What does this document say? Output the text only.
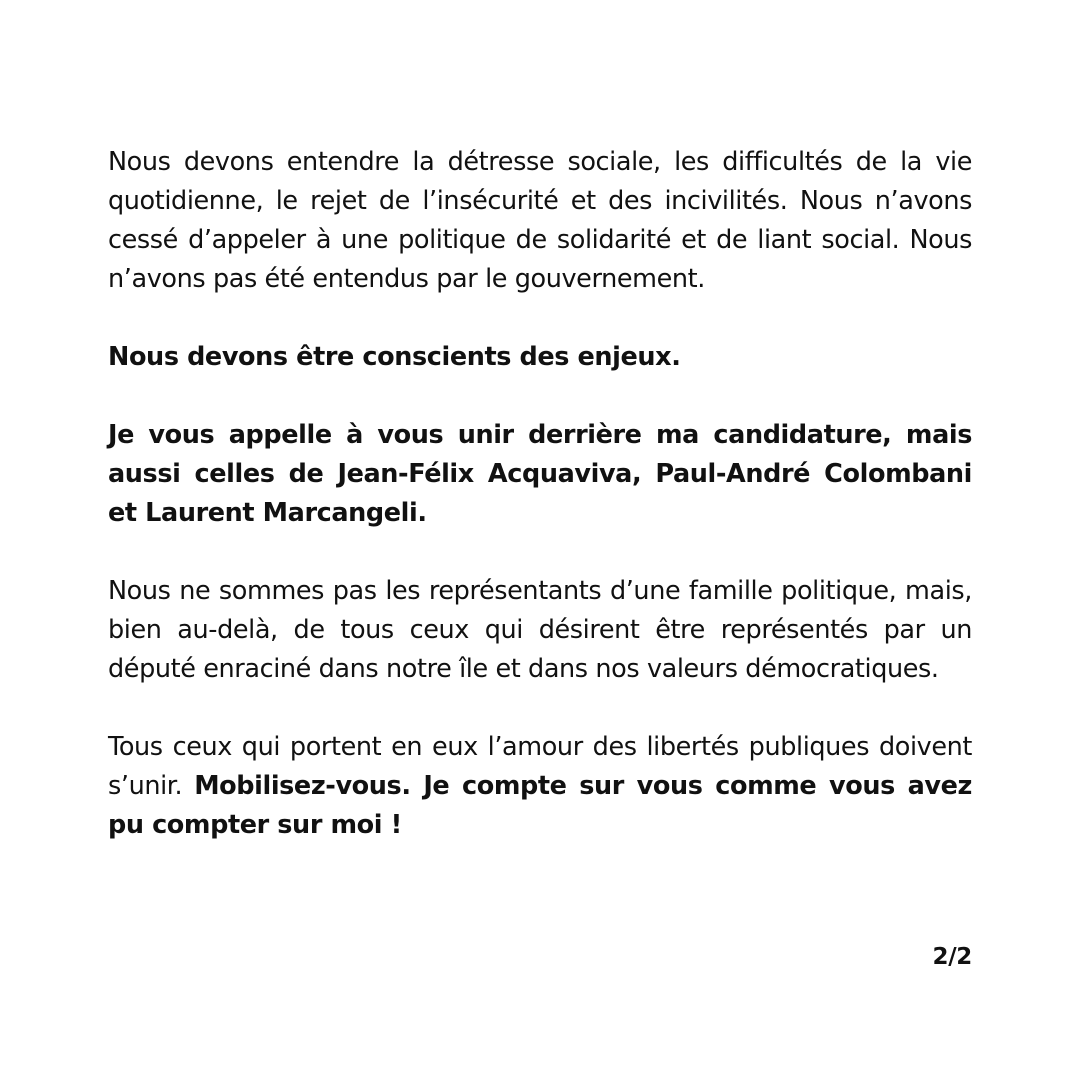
Nous devons entendre la détresse sociale, les difficultés de la vie quotidienne, le rejet de l’insécurité et des incivilités. Nous n’avons cessé d’appeler à une politique de solidarité et de liant social. Nous n’avons pas été entendus par le gouvernement.

Nous devons être conscients des enjeux.

Je vous appelle à vous unir derrière ma candidature, mais aussi celles de Jean-Félix Acquaviva, Paul-André Colombani et Laurent Marcangeli.

Nous ne sommes pas les représentants d’une famille politique, mais, bien au-delà, de tous ceux qui désirent être représentés par un député enraciné dans notre île et dans nos valeurs démocratiques.

Tous ceux qui portent en eux l’amour des libertés publiques doivent s’unir. Mobilisez-vous. Je compte sur vous comme vous avez pu compter sur moi !

2/2
